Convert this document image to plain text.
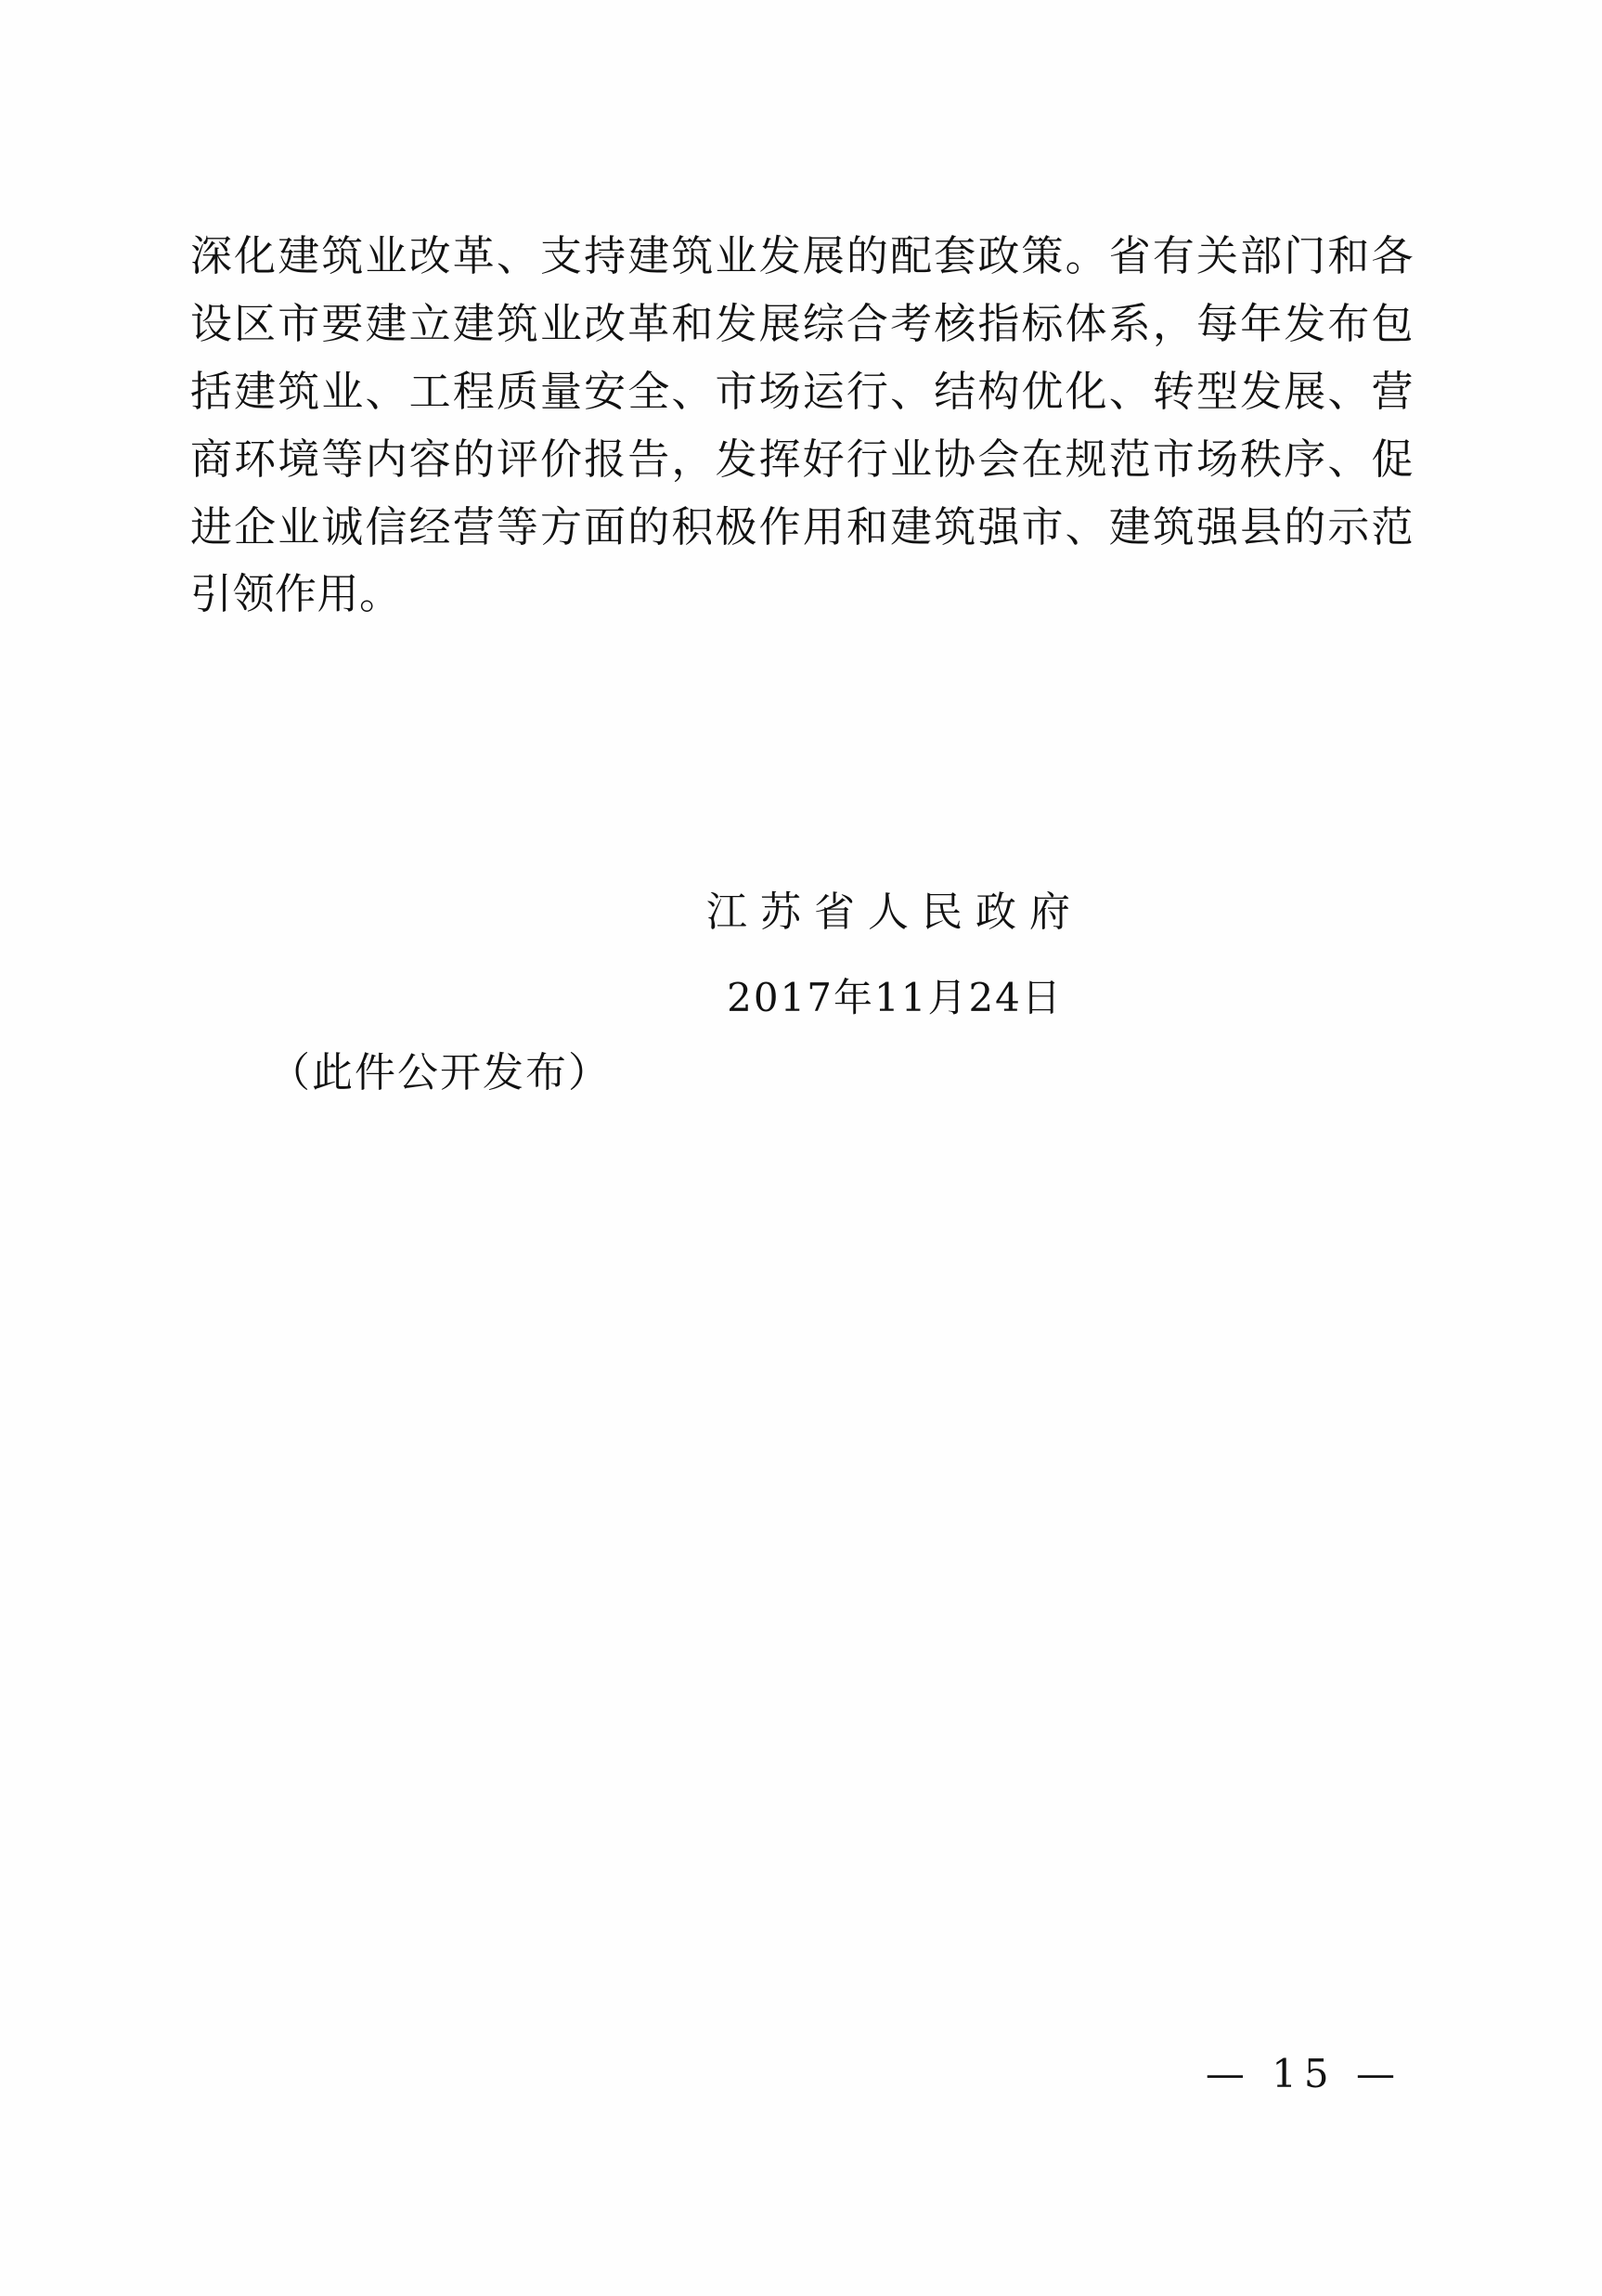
深化建筑业改革、支持建筑业发展的配套政策。省有关部门和各设区市要建立建筑业改革和发展综合考核指标体系，每年发布包括建筑业、工程质量安全、市场运行、结构优化、转型发展、营商环境等内容的评价报告，发挥好行业协会在规范市场秩序、促进企业诚信经营等方面的积极作用和建筑强市、建筑强县的示范引领作用。

江苏省人民政府
2017年11月24日
（此件公开发布）
— 15 —
